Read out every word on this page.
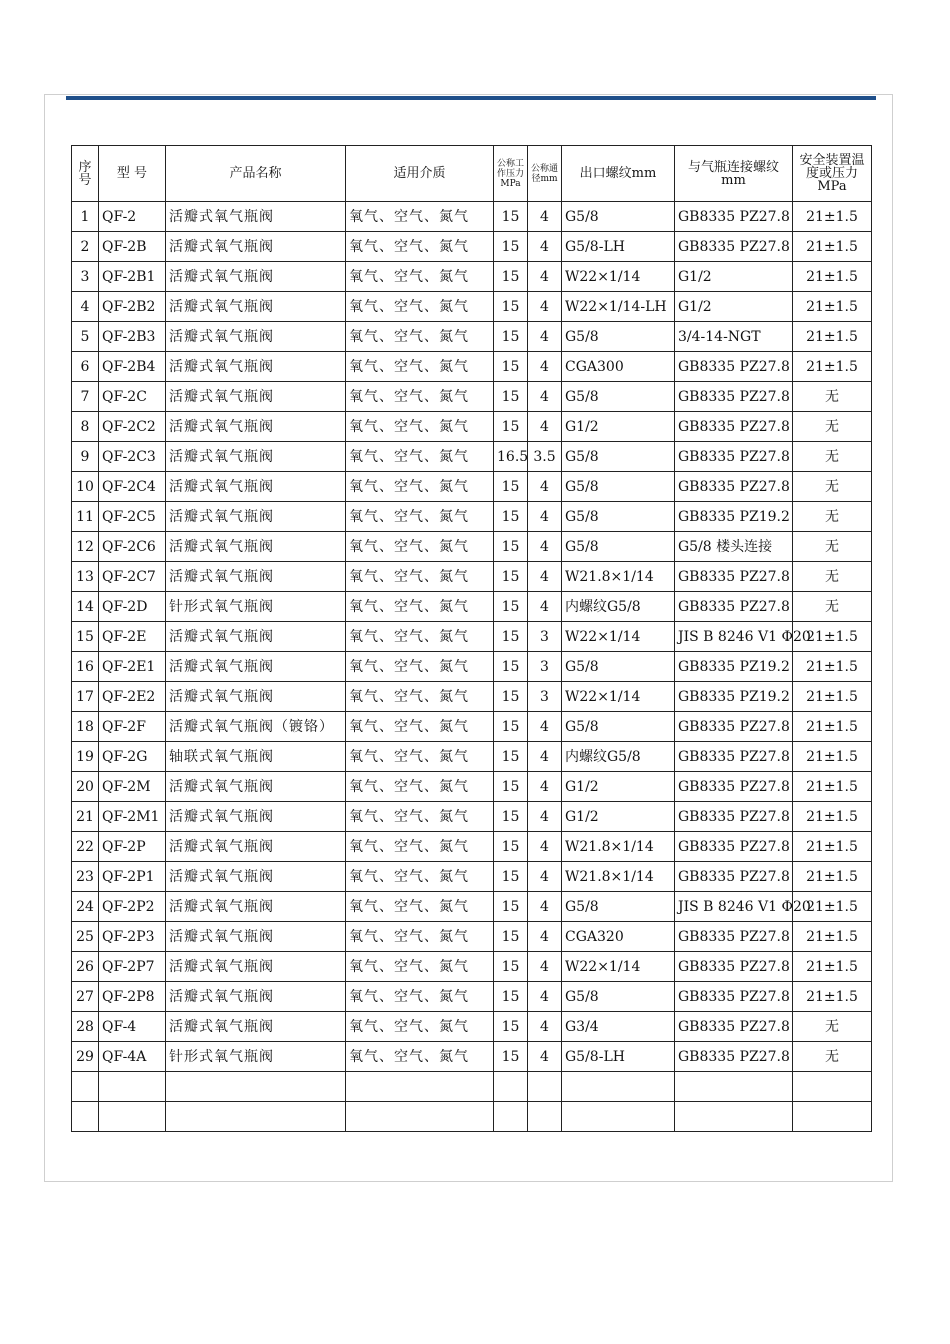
序号	型 号	产品名称	适用介质	公称工作压力MPa	公称通径mm	出口螺纹mm	与气瓶连接螺纹mm	安全装置温度或压力MPa
1	QF-2	活瓣式氧气瓶阀	氧气、空气、氮气	15	4	G5/8	GB8335 PZ27.8	21±1.5
2	QF-2B	活瓣式氧气瓶阀	氧气、空气、氮气	15	4	G5/8-LH	GB8335 PZ27.8	21±1.5
3	QF-2B1	活瓣式氧气瓶阀	氧气、空气、氮气	15	4	W22×1/14	G1/2	21±1.5
4	QF-2B2	活瓣式氧气瓶阀	氧气、空气、氮气	15	4	W22×1/14-LH	G1/2	21±1.5
5	QF-2B3	活瓣式氧气瓶阀	氧气、空气、氮气	15	4	G5/8	3/4-14-NGT	21±1.5
6	QF-2B4	活瓣式氧气瓶阀	氧气、空气、氮气	15	4	CGA300	GB8335 PZ27.8	21±1.5
7	QF-2C	活瓣式氧气瓶阀	氧气、空气、氮气	15	4	G5/8	GB8335 PZ27.8	无
8	QF-2C2	活瓣式氧气瓶阀	氧气、空气、氮气	15	4	G1/2	GB8335 PZ27.8	无
9	QF-2C3	活瓣式氧气瓶阀	氧气、空气、氮气	16.5	3.5	G5/8	GB8335 PZ27.8	无
10	QF-2C4	活瓣式氧气瓶阀	氧气、空气、氮气	15	4	G5/8	GB8335 PZ27.8	无
11	QF-2C5	活瓣式氧气瓶阀	氧气、空气、氮气	15	4	G5/8	GB8335 PZ19.2	无
12	QF-2C6	活瓣式氧气瓶阀	氧气、空气、氮气	15	4	G5/8	G5/8 楼头连接	无
13	QF-2C7	活瓣式氧气瓶阀	氧气、空气、氮气	15	4	W21.8×1/14	GB8335 PZ27.8	无
14	QF-2D	针形式氧气瓶阀	氧气、空气、氮气	15	4	内螺纹G5/8	GB8335 PZ27.8	无
15	QF-2E	活瓣式氧气瓶阀	氧气、空气、氮气	15	3	W22×1/14	JIS B 8246 V1 Φ20	21±1.5
16	QF-2E1	活瓣式氧气瓶阀	氧气、空气、氮气	15	3	G5/8	GB8335 PZ19.2	21±1.5
17	QF-2E2	活瓣式氧气瓶阀	氧气、空气、氮气	15	3	W22×1/14	GB8335 PZ19.2	21±1.5
18	QF-2F	活瓣式氧气瓶阀（镀铬）	氧气、空气、氮气	15	4	G5/8	GB8335 PZ27.8	21±1.5
19	QF-2G	轴联式氧气瓶阀	氧气、空气、氮气	15	4	内螺纹G5/8	GB8335 PZ27.8	21±1.5
20	QF-2M	活瓣式氧气瓶阀	氧气、空气、氮气	15	4	G1/2	GB8335 PZ27.8	21±1.5
21	QF-2M1	活瓣式氧气瓶阀	氧气、空气、氮气	15	4	G1/2	GB8335 PZ27.8	21±1.5
22	QF-2P	活瓣式氧气瓶阀	氧气、空气、氮气	15	4	W21.8×1/14	GB8335 PZ27.8	21±1.5
23	QF-2P1	活瓣式氧气瓶阀	氧气、空气、氮气	15	4	W21.8×1/14	GB8335 PZ27.8	21±1.5
24	QF-2P2	活瓣式氧气瓶阀	氧气、空气、氮气	15	4	G5/8	JIS B 8246 V1 Φ20	21±1.5
25	QF-2P3	活瓣式氧气瓶阀	氧气、空气、氮气	15	4	CGA320	GB8335 PZ27.8	21±1.5
26	QF-2P7	活瓣式氧气瓶阀	氧气、空气、氮气	15	4	W22×1/14	GB8335 PZ27.8	21±1.5
27	QF-2P8	活瓣式氧气瓶阀	氧气、空气、氮气	15	4	G5/8	GB8335 PZ27.8	21±1.5
28	QF-4	活瓣式氧气瓶阀	氧气、空气、氮气	15	4	G3/4	GB8335 PZ27.8	无
29	QF-4A	针形式氧气瓶阀	氧气、空气、氮气	15	4	G5/8-LH	GB8335 PZ27.8	无
